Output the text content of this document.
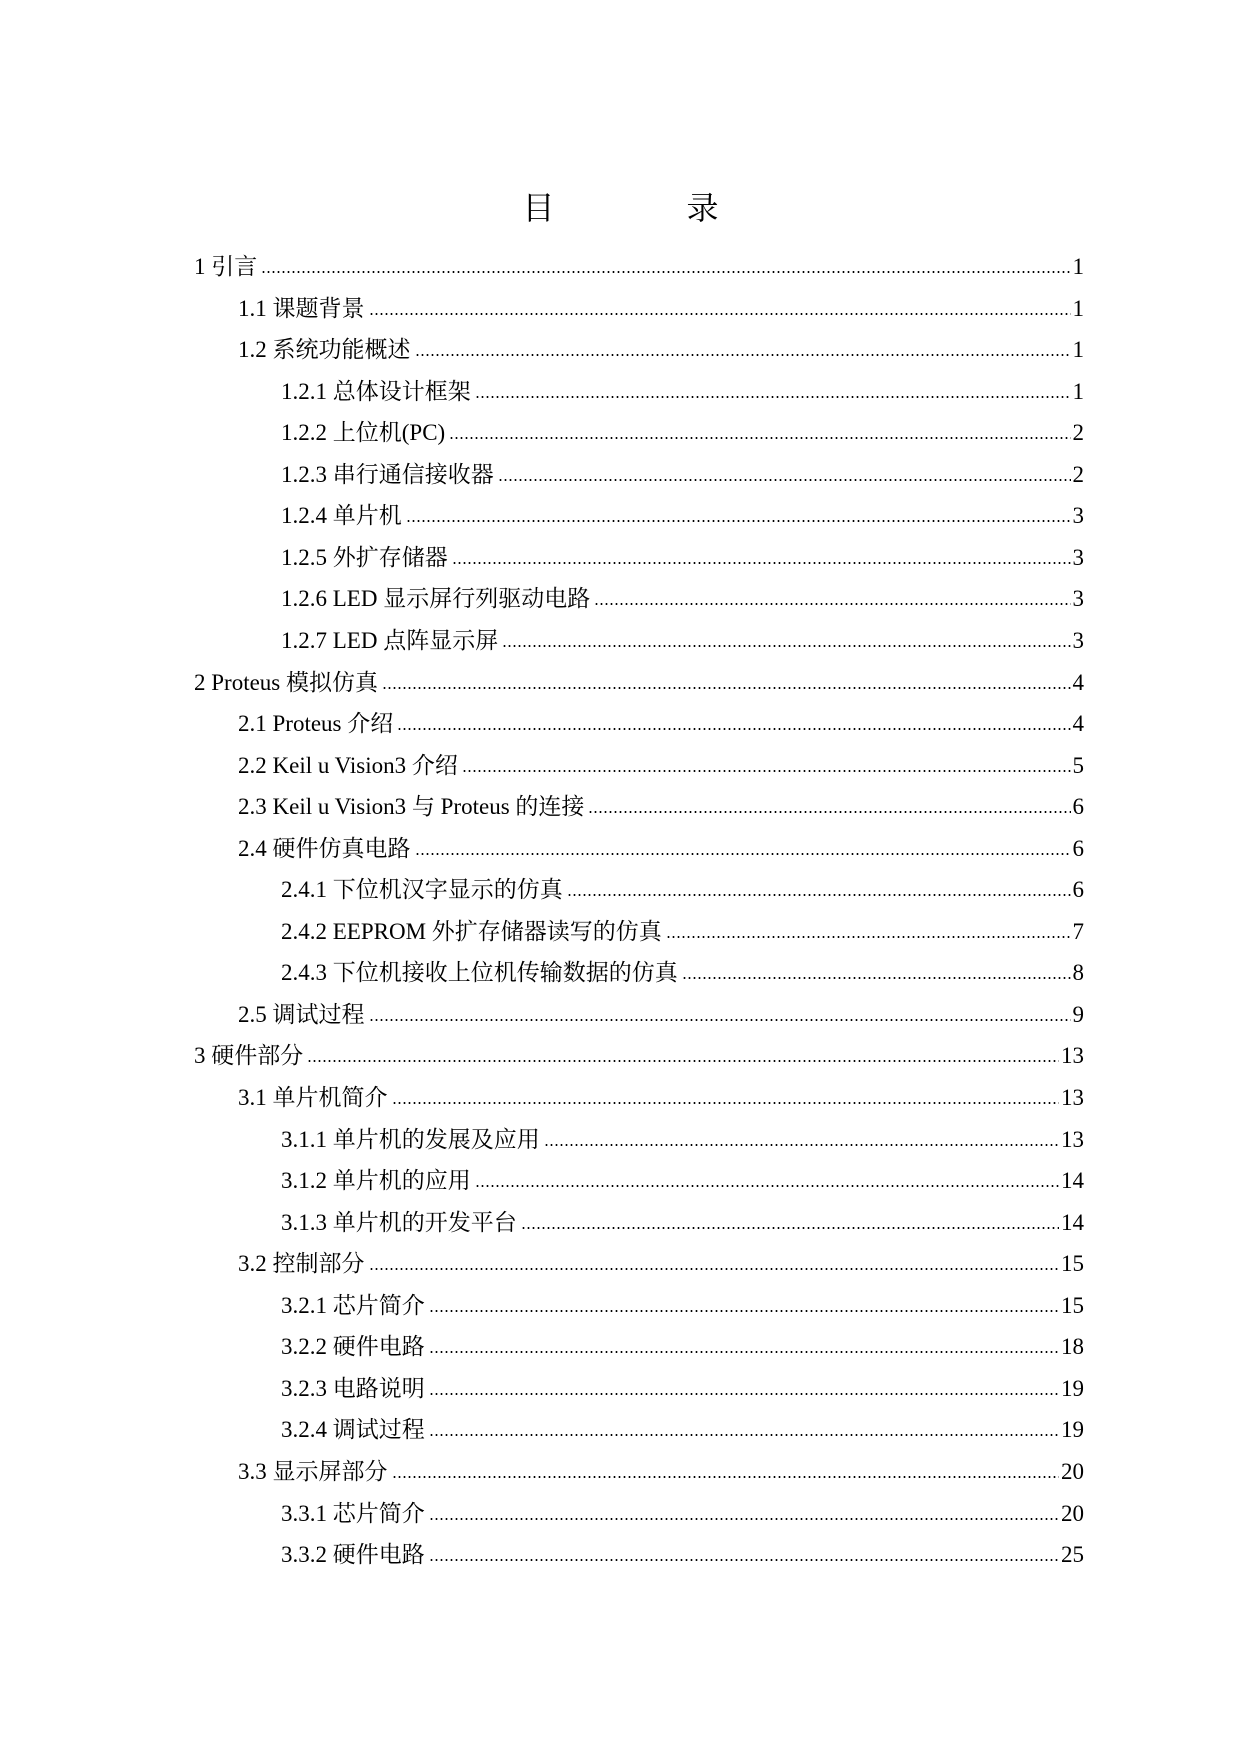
目 录
1 引言	1
1.1 课题背景	1
1.2 系统功能概述	1
1.2.1 总体设计框架	1
1.2.2 上位机(PC)	2
1.2.3 串行通信接收器	2
1.2.4 单片机	3
1.2.5 外扩存储器	3
1.2.6 LED 显示屏行列驱动电路	3
1.2.7 LED 点阵显示屏	3
2 Proteus 模拟仿真	4
2.1 Proteus 介绍	4
2.2 Keil u Vision3 介绍	5
2.3 Keil u Vision3 与 Proteus 的连接	6
2.4 硬件仿真电路	6
2.4.1 下位机汉字显示的仿真	6
2.4.2 EEPROM 外扩存储器读写的仿真	7
2.4.3 下位机接收上位机传输数据的仿真	8
2.5 调试过程	9
3 硬件部分	13
3.1 单片机简介	13
3.1.1 单片机的发展及应用	13
3.1.2 单片机的应用	14
3.1.3 单片机的开发平台	14
3.2 控制部分	15
3.2.1 芯片简介	15
3.2.2 硬件电路	18
3.2.3 电路说明	19
3.2.4 调试过程	19
3.3 显示屏部分	20
3.3.1 芯片简介	20
3.3.2 硬件电路	25
